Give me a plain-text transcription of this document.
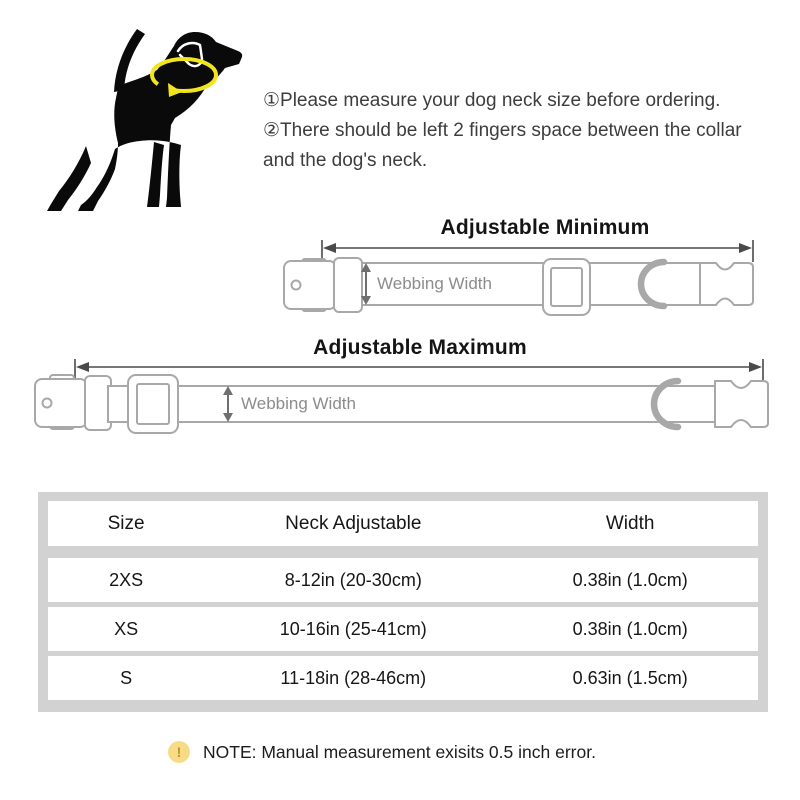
①Please measure your dog neck size before ordering.

②There should be left 2 fingers space between the collar and the dog's neck.

Adjustable Minimum
Webbing Width
Adjustable Maximum
Webbing Width
Size	Neck Adjustable	Width
2XS	8-12in (20-30cm)	0.38in (1.0cm)
XS	10-16in (25-41cm)	0.38in (1.0cm)
S	11-18in (28-46cm)	0.63in (1.5cm)
!	NOTE: Manual measurement exisits 0.5 inch error.
